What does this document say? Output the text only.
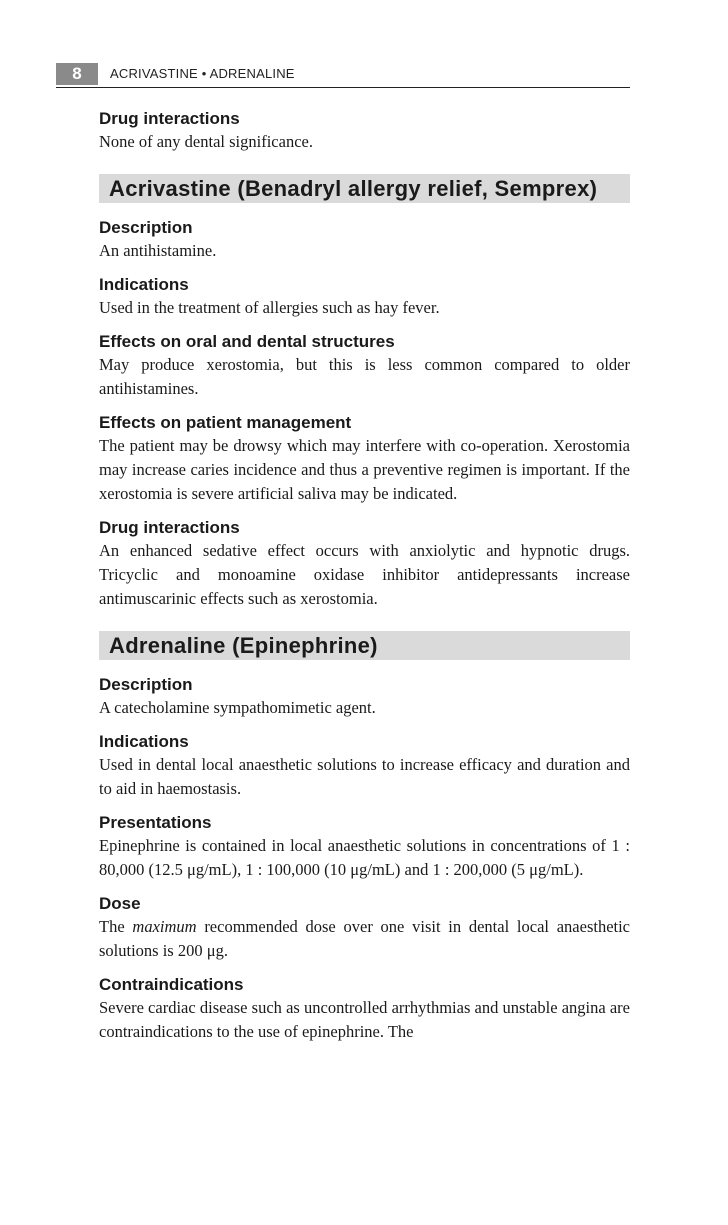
8	ACRIVASTINE • ADRENALINE
Drug interactions

None of any dental significance.

Acrivastine (Benadryl allergy relief, Semprex)
Description

An antihistamine.

Indications

Used in the treatment of allergies such as hay fever.

Effects on oral and dental structures

May produce xerostomia, but this is less common compared to older antihistamines.

Effects on patient management

The patient may be drowsy which may interfere with co-operation. Xerostomia may increase caries incidence and thus a preventive regimen is important. If the xerostomia is severe artificial saliva may be indicated.

Drug interactions

An enhanced sedative effect occurs with anxiolytic and hypnotic drugs. Tricyclic and monoamine oxidase inhibitor antidepressants increase antimuscarinic effects such as xerostomia.

Adrenaline (Epinephrine)
Description

A catecholamine sympathomimetic agent.

Indications

Used in dental local anaesthetic solutions to increase efficacy and duration and to aid in haemostasis.

Presentations

Epinephrine is contained in local anaesthetic solutions in concentrations of 1 : 80,000 (12.5 μg/mL), 1 : 100,000 (10 μg/mL) and 1 : 200,000 (5 μg/mL).

Dose

The maximum recommended dose over one visit in dental local anaesthetic solutions is 200 μg.

Contraindications

Severe cardiac disease such as uncontrolled arrhythmias and unstable angina are contraindications to the use of epinephrine. The
